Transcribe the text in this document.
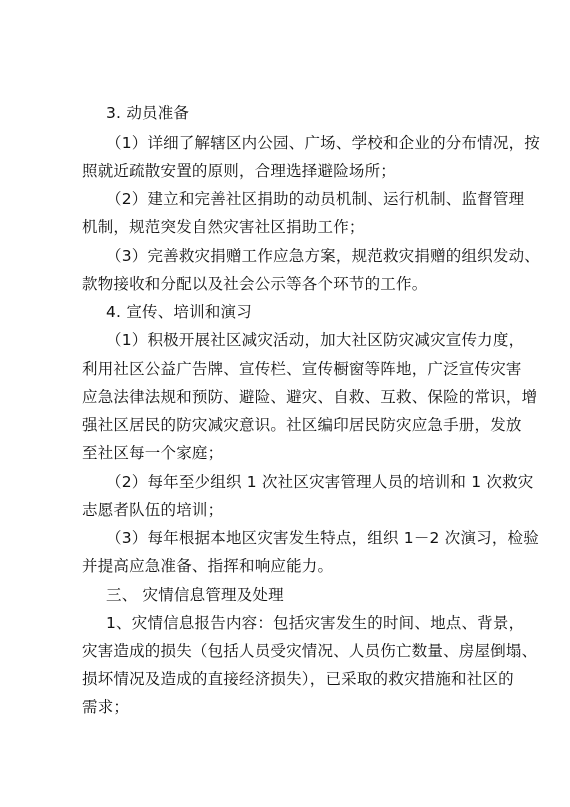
3. 动员准备
（1）详细了解辖区内公园、广场、学校和企业的分布情况，按
照就近疏散安置的原则，合理选择避险场所；
（2）建立和完善社区捐助的动员机制、运行机制、监督管理
机制，规范突发自然灾害社区捐助工作；
（3）完善救灾捐赠工作应急方案，规范救灾捐赠的组织发动、
款物接收和分配以及社会公示等各个环节的工作。
4. 宣传、培训和演习
（1）积极开展社区减灾活动，加大社区防灾减灾宣传力度，
利用社区公益广告牌、宣传栏、宣传橱窗等阵地，广泛宣传灾害
应急法律法规和预防、避险、避灾、自救、互救、保险的常识，增
强社区居民的防灾减灾意识。社区编印居民防灾应急手册，发放
至社区每一个家庭；
（2）每年至少组织 1 次社区灾害管理人员的培训和 1 次救灾
志愿者队伍的培训；
（3）每年根据本地区灾害发生特点，组织 1－2 次演习，检验
并提高应急准备、指挥和响应能力。
三、 灾情信息管理及处理
1、灾情信息报告内容：包括灾害发生的时间、地点、背景，
灾害造成的损失（包括人员受灾情况、人员伤亡数量、房屋倒塌、
损坏情况及造成的直接经济损失），已采取的救灾措施和社区的
需求；
